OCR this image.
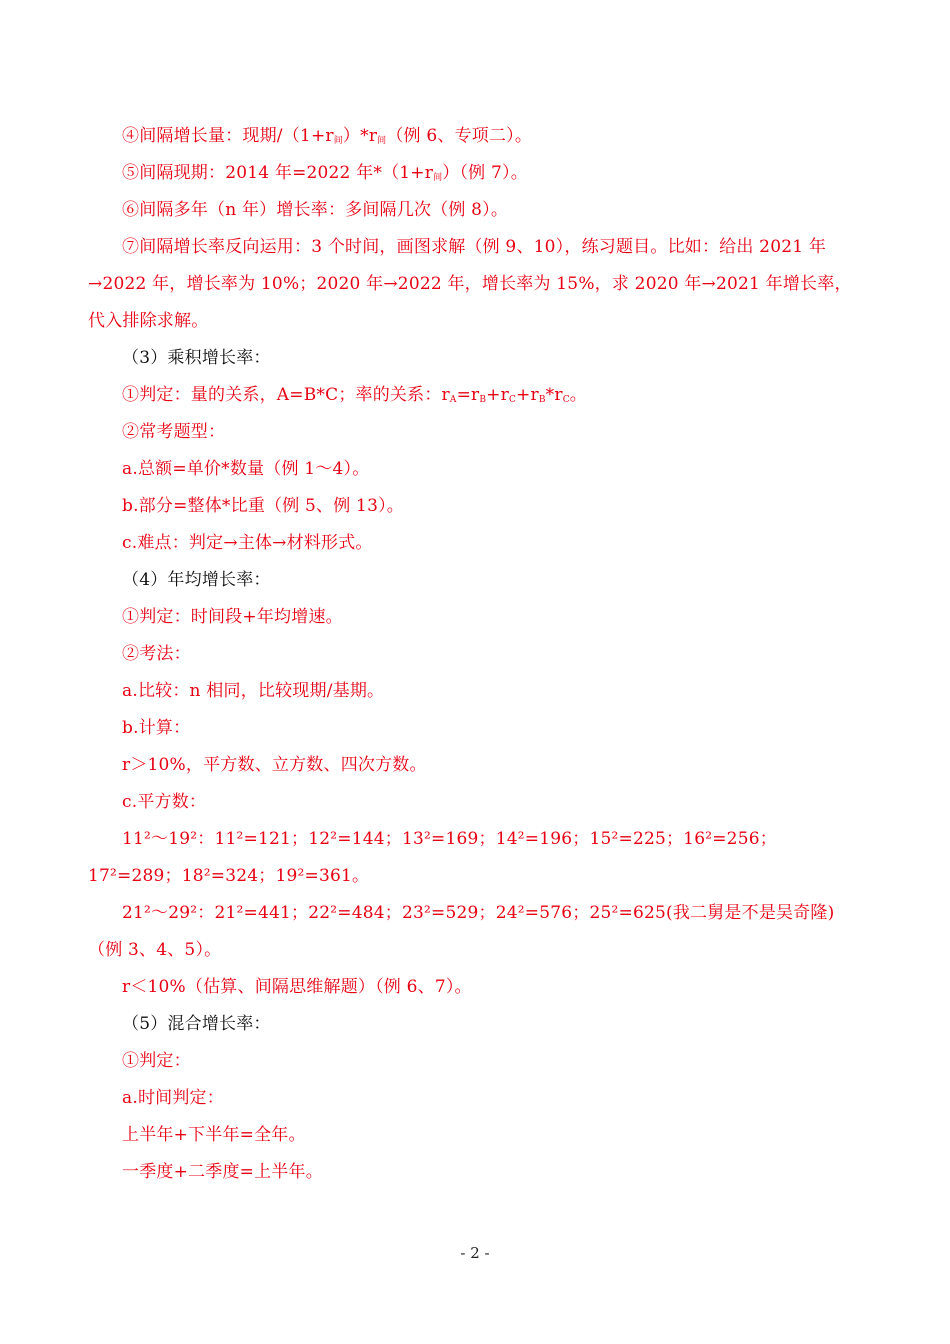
④间隔增长量：现期$/(1+r_间)*r_间$（例 6、专项二）。
⑤间隔现期：2014 年=2022 年$*(1+r_间)$（例 7）。
⑥间隔多年（n 年）增长率：多间隔几次（例 8）。
⑦间隔增长率反向运用：3 个时间，画图求解（例 9、10），练习题目。比如：给出 2021 年→2022 年，增长率为 10%；2020 年→2022 年，增长率为 15%，求 2020 年→2021 年增长率，代入排除求解。
（3）乘积增长率：
①判定：量的关系，A=B*C；率的关系：$r_A=r_B+r_C+r_B*r_C$。
②常考题型：
a.总额=单价*数量（例 1～4）。
b.部分=整体*比重（例 5、例 13）。
c.难点：判定→主体→材料形式。
（4）年均增长率：
①判定：时间段+年均增速。
②考法：
a.比较：n 相同，比较现期/基期。
b.计算：
r＞10%，平方数、立方数、四次方数。
c.平方数：
11²～19²：11²=121；12²=144；13²=169；14²=196；15²=225；16²=256；17²=289；18²=324；19²=361。
21²～29²：21²=441；22²=484；23²=529；24²=576；25²=625(我二舅是不是吴奇隆)（例 3、4、5）。
r＜10%（估算、间隔思维解题）（例 6、7）。
（5）混合增长率：
①判定：
a.时间判定：
上半年+下半年=全年。
一季度+二季度=上半年。
- 2 -
